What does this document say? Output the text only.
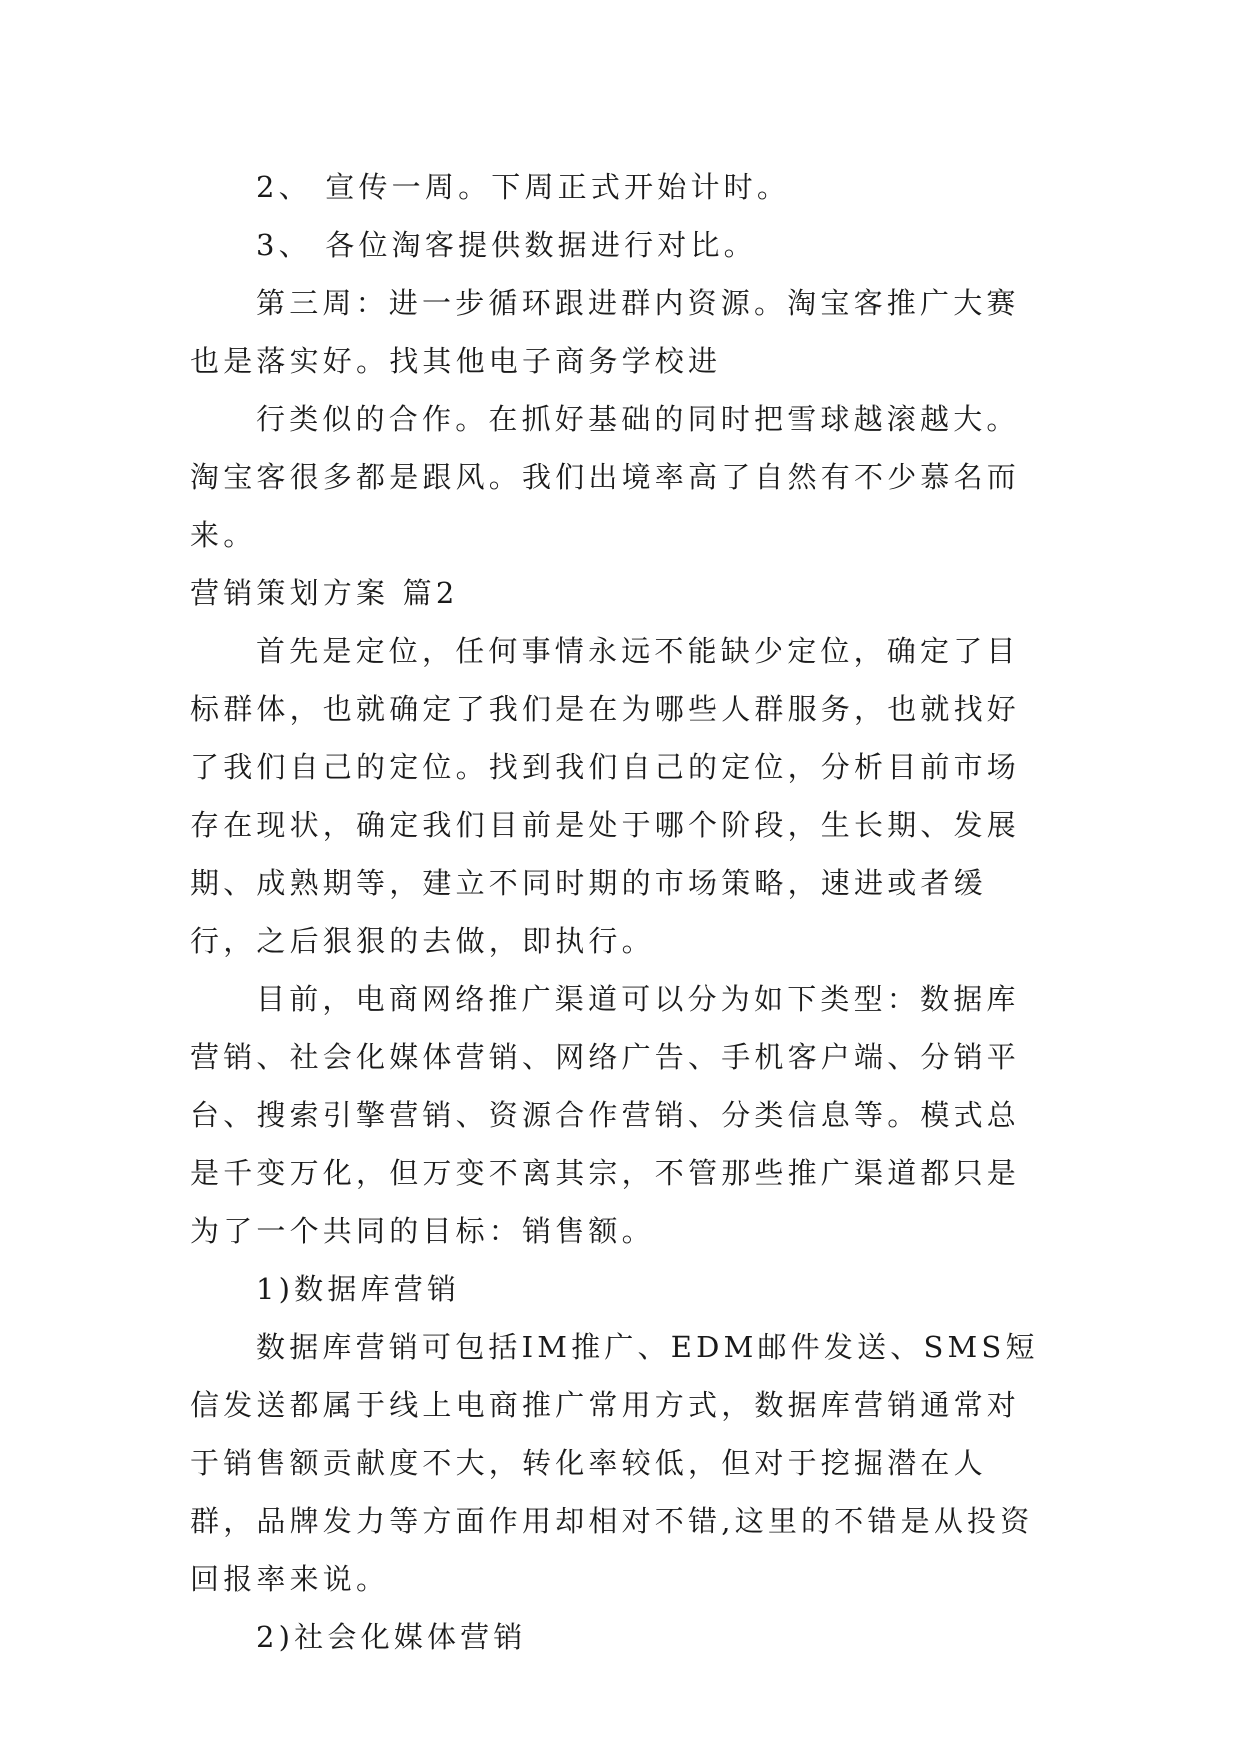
2、 宣传一周。下周正式开始计时。

3、 各位淘客提供数据进行对比。

第三周：进一步循环跟进群内资源。淘宝客推广大赛也是落实好。找其他电子商务学校进

行类似的合作。在抓好基础的同时把雪球越滚越大。淘宝客很多都是跟风。我们出境率高了自然有不少慕名而来。

营销策划方案 篇2

首先是定位，任何事情永远不能缺少定位，确定了目标群体，也就确定了我们是在为哪些人群服务，也就找好了我们自己的定位。找到我们自己的定位，分析目前市场存在现状，确定我们目前是处于哪个阶段，生长期、发展期、成熟期等，建立不同时期的市场策略，速进或者缓行，之后狠狠的去做，即执行。

目前，电商网络推广渠道可以分为如下类型：数据库营销、社会化媒体营销、网络广告、手机客户端、分销平台、搜索引擎营销、资源合作营销、分类信息等。模式总是千变万化，但万变不离其宗，不管那些推广渠道都只是为了一个共同的目标：销售额。

1)数据库营销

数据库营销可包括IM推广、EDM邮件发送、SMS短信发送都属于线上电商推广常用方式，数据库营销通常对于销售额贡献度不大，转化率较低，但对于挖掘潜在人群，品牌发力等方面作用却相对不错,这里的不错是从投资回报率来说。

2)社会化媒体营销
